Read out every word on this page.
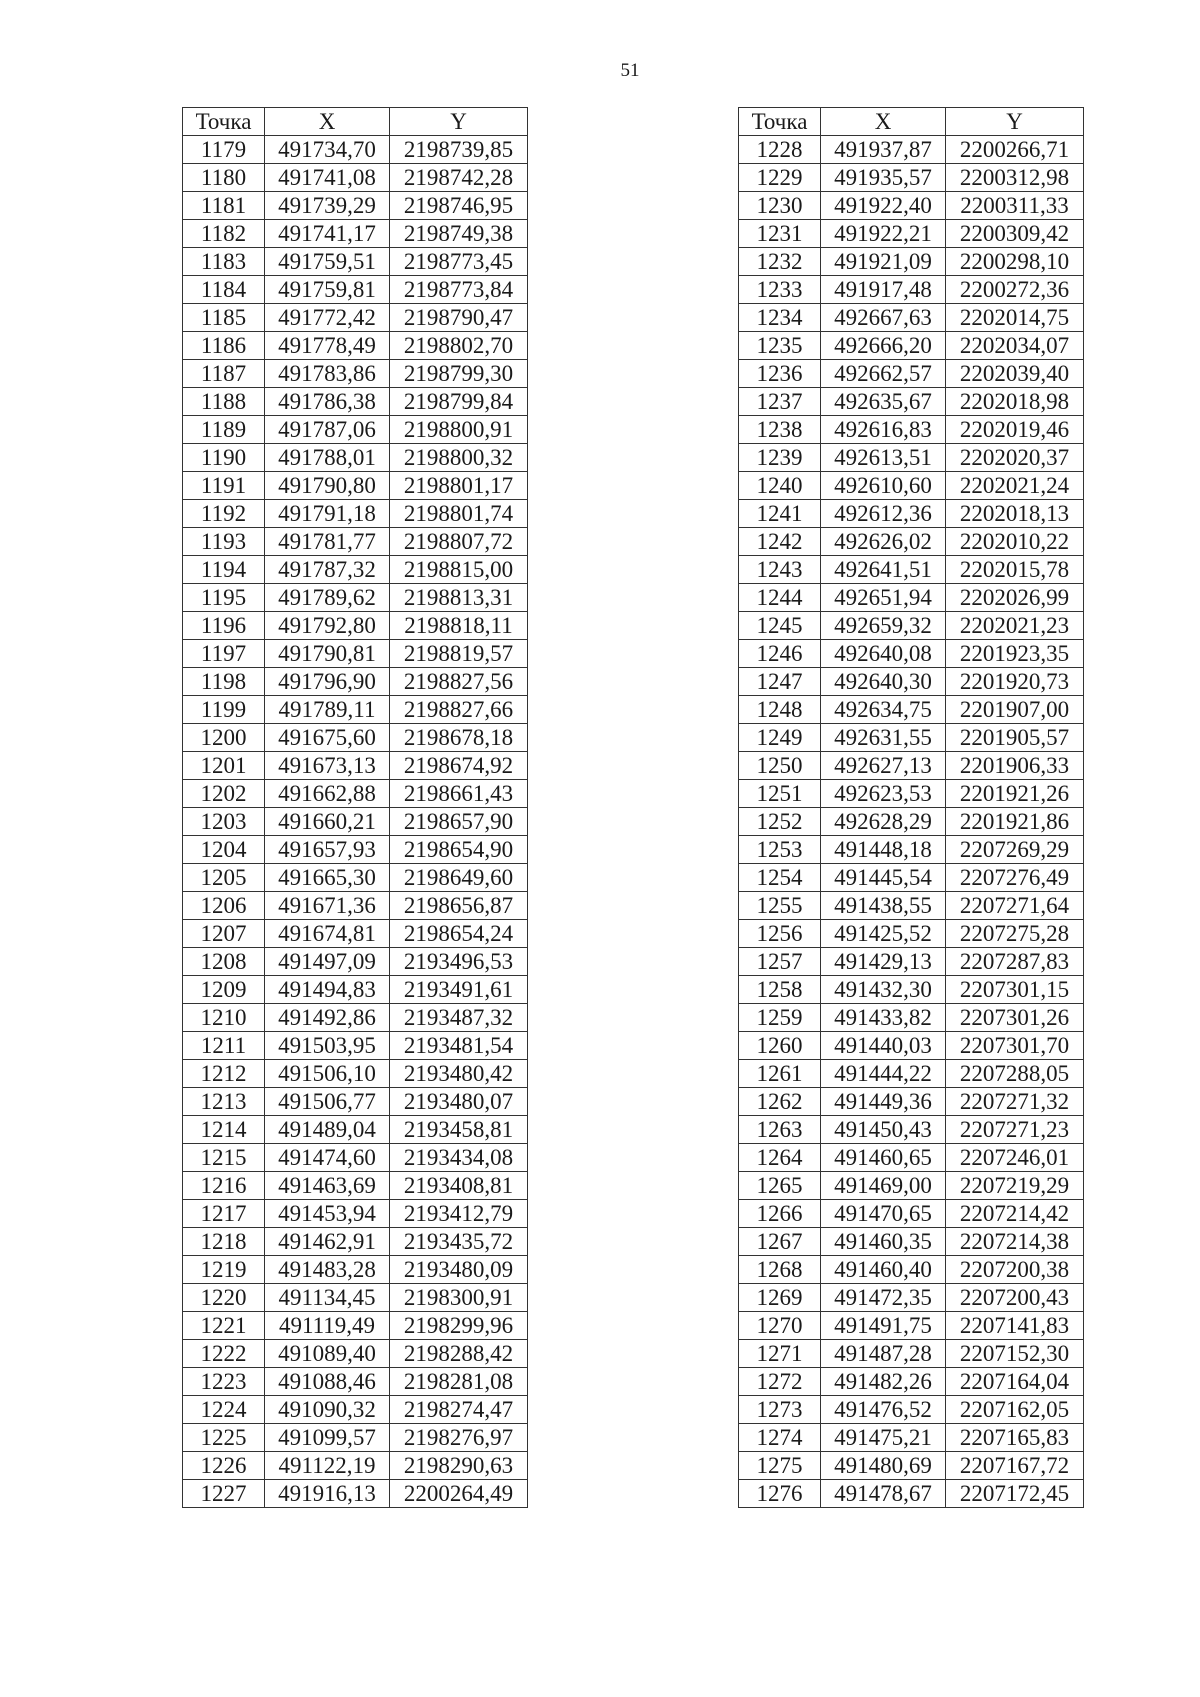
51
Точка	X	Y
1179	491734,70	2198739,85
1180	491741,08	2198742,28
1181	491739,29	2198746,95
1182	491741,17	2198749,38
1183	491759,51	2198773,45
1184	491759,81	2198773,84
1185	491772,42	2198790,47
1186	491778,49	2198802,70
1187	491783,86	2198799,30
1188	491786,38	2198799,84
1189	491787,06	2198800,91
1190	491788,01	2198800,32
1191	491790,80	2198801,17
1192	491791,18	2198801,74
1193	491781,77	2198807,72
1194	491787,32	2198815,00
1195	491789,62	2198813,31
1196	491792,80	2198818,11
1197	491790,81	2198819,57
1198	491796,90	2198827,56
1199	491789,11	2198827,66
1200	491675,60	2198678,18
1201	491673,13	2198674,92
1202	491662,88	2198661,43
1203	491660,21	2198657,90
1204	491657,93	2198654,90
1205	491665,30	2198649,60
1206	491671,36	2198656,87
1207	491674,81	2198654,24
1208	491497,09	2193496,53
1209	491494,83	2193491,61
1210	491492,86	2193487,32
1211	491503,95	2193481,54
1212	491506,10	2193480,42
1213	491506,77	2193480,07
1214	491489,04	2193458,81
1215	491474,60	2193434,08
1216	491463,69	2193408,81
1217	491453,94	2193412,79
1218	491462,91	2193435,72
1219	491483,28	2193480,09
1220	491134,45	2198300,91
1221	491119,49	2198299,96
1222	491089,40	2198288,42
1223	491088,46	2198281,08
1224	491090,32	2198274,47
1225	491099,57	2198276,97
1226	491122,19	2198290,63
1227	491916,13	2200264,49
Точка	X	Y
1228	491937,87	2200266,71
1229	491935,57	2200312,98
1230	491922,40	2200311,33
1231	491922,21	2200309,42
1232	491921,09	2200298,10
1233	491917,48	2200272,36
1234	492667,63	2202014,75
1235	492666,20	2202034,07
1236	492662,57	2202039,40
1237	492635,67	2202018,98
1238	492616,83	2202019,46
1239	492613,51	2202020,37
1240	492610,60	2202021,24
1241	492612,36	2202018,13
1242	492626,02	2202010,22
1243	492641,51	2202015,78
1244	492651,94	2202026,99
1245	492659,32	2202021,23
1246	492640,08	2201923,35
1247	492640,30	2201920,73
1248	492634,75	2201907,00
1249	492631,55	2201905,57
1250	492627,13	2201906,33
1251	492623,53	2201921,26
1252	492628,29	2201921,86
1253	491448,18	2207269,29
1254	491445,54	2207276,49
1255	491438,55	2207271,64
1256	491425,52	2207275,28
1257	491429,13	2207287,83
1258	491432,30	2207301,15
1259	491433,82	2207301,26
1260	491440,03	2207301,70
1261	491444,22	2207288,05
1262	491449,36	2207271,32
1263	491450,43	2207271,23
1264	491460,65	2207246,01
1265	491469,00	2207219,29
1266	491470,65	2207214,42
1267	491460,35	2207214,38
1268	491460,40	2207200,38
1269	491472,35	2207200,43
1270	491491,75	2207141,83
1271	491487,28	2207152,30
1272	491482,26	2207164,04
1273	491476,52	2207162,05
1274	491475,21	2207165,83
1275	491480,69	2207167,72
1276	491478,67	2207172,45
